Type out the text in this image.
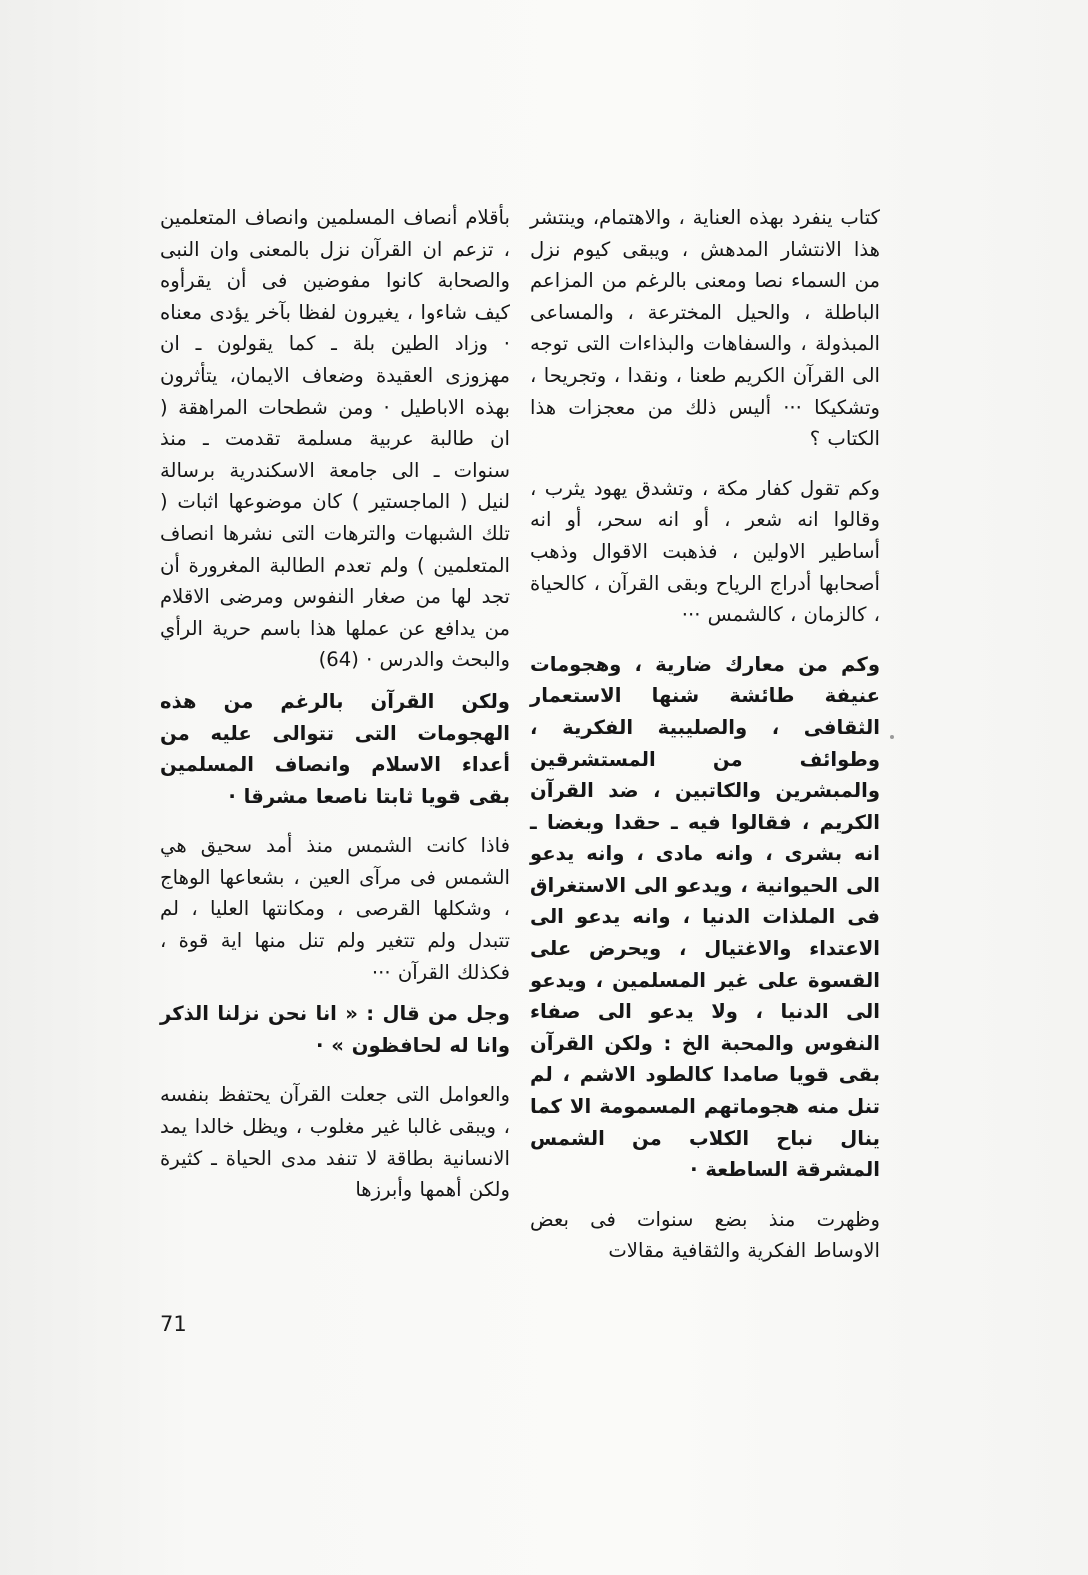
كتاب ينفرد بهذه العناية ، والاهتمام، وينتشر هذا الانتشار المدهش ، ويبقى كيوم نزل من السماء نصا ومعنى بالرغم من المزاعم الباطلة ، والحيل المخترعة ، والمساعى المبذولة ، والسفاهات والبذاءات التى توجه الى القرآن الكريم طعنا ، ونقدا ، وتجريحا ، وتشكيكا ··· أليس ذلك من معجزات هذا الكتاب ؟

وكم تقول كفار مكة ، وتشدق يهود يثرب ، وقالوا انه شعر ، أو انه سحر، أو انه أساطير الاولين ، فذهبت الاقوال وذهب أصحابها أدراج الرياح وبقى القرآن ، كالحياة ، كالزمان ، كالشمس ···

وكم من معارك ضارية ، وهجومات عنيفة طائشة شنها الاستعمار الثقافى ، والصليبية الفكرية ، وطوائف من المستشرقين والمبشرين والكاتبين ، ضد القرآن الكريم ، فقالوا فيه ـ حقدا وبغضا ـ انه بشرى ، وانه مادى ، وانه يدعو الى الحيوانية ، ويدعو الى الاستغراق فى الملذات الدنيا ، وانه يدعو الى الاعتداء والاغتيال ، ويحرض على القسوة على غير المسلمين ، ويدعو الى الدنيا ، ولا يدعو الى صفاء النفوس والمحبة الخ : ولكن القرآن بقى قويا صامدا كالطود الاشم ، لم تنل منه هجوماتهم المسمومة الا كما ينال نباح الكلاب من الشمس المشرقة الساطعة ·

وظهرت منذ بضع سنوات فى بعض الاوساط الفكرية والثقافية مقالات

بأقلام أنصاف المسلمين وانصاف المتعلمين ، تزعم ان القرآن نزل بالمعنى وان النبى والصحابة كانوا مفوضين فى أن يقرأوه كيف شاءوا ، يغيرون لفظا بآخر يؤدى معناه · وزاد الطين بلة ـ كما يقولون ـ ان مهزوزى العقيدة وضعاف الايمان، يتأثرون بهذه الاباطيل · ومن شطحات المراهقة ( ان طالبة عربية مسلمة تقدمت ـ منذ سنوات ـ الى جامعة الاسكندرية برسالة لنيل ( الماجستير ) كان موضوعها اثبات ( تلك الشبهات والترهات التى نشرها انصاف المتعلمين ) ولم تعدم الطالبة المغرورة أن تجد لها من صغار النفوس ومرضى الاقلام من يدافع عن عملها هذا باسم حرية الرأي والبحث والدرس · (64)

ولكن القرآن بالرغم من هذه الهجومات التى تتوالى عليه من أعداء الاسلام وانصاف المسلمين بقى قويا ثابتا ناصعا مشرقا ·

فاذا كانت الشمس منذ أمد سحيق هي الشمس فى مرآى العين ، بشعاعها الوهاج ، وشكلها القرصى ، ومكانتها العليا ، لم تتبدل ولم تتغير ولم تنل منها اية قوة ، فكذلك القرآن ···

وجل من قال : « انا نحن نزلنا الذكر وانا له لحافظون » ·

والعوامل التى جعلت القرآن يحتفظ بنفسه ، ويبقى غالبا غير مغلوب ، ويظل خالدا يمد الانسانية بطاقة لا تنفد مدى الحياة ـ كثيرة ولكن أهمها وأبرزها

71
